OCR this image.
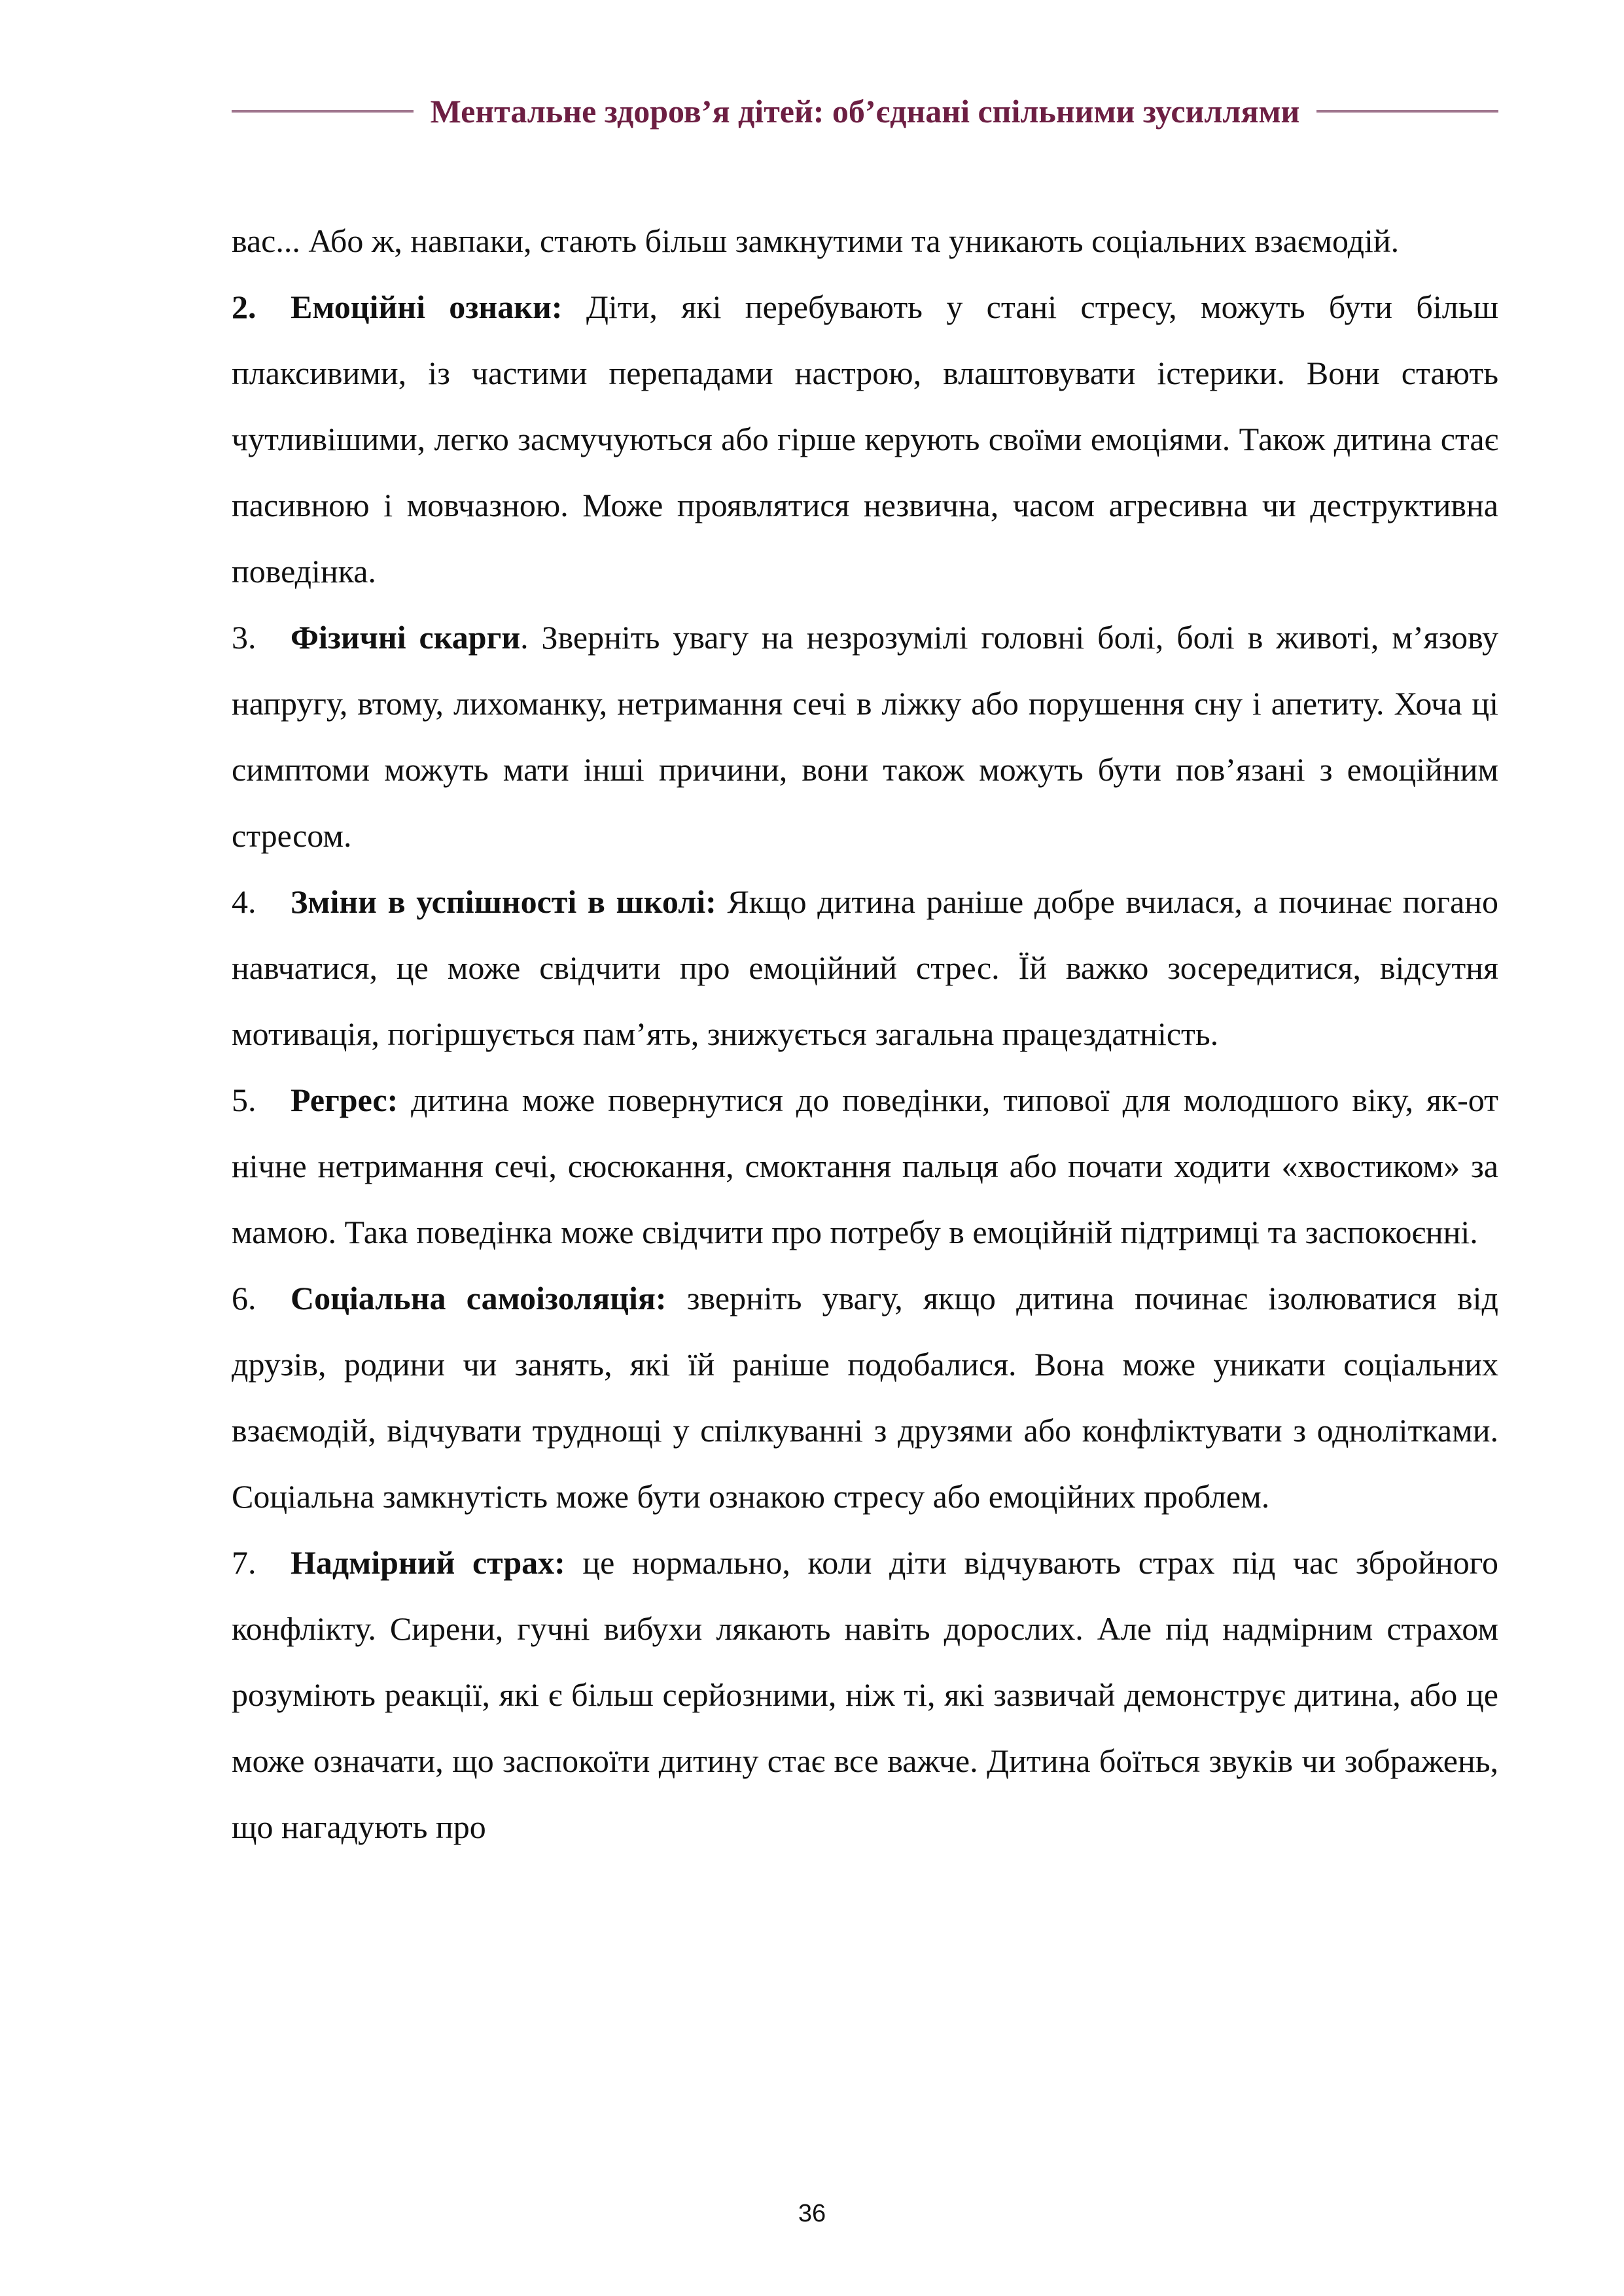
Ментальне здоров’я дітей: об’єднані спільними зусиллями

вас... Або ж, навпаки, стають більш замкнутими та уникають соціальних взаємодій.

2. Емоційні ознаки: Діти, які перебувають у стані стресу, можуть бути більш плаксивими, із частими перепадами настрою, влаштовувати істерики. Вони стають чутливішими, легко засмучуються або гірше керують своїми емоціями. Також дитина стає пасивною і мовчазною. Може проявлятися незвична, часом агресивна чи деструктивна поведінка.

3. Фізичні скарги. Зверніть увагу на незрозумілі головні болі, болі в животі, м’язову напругу, втому, лихоманку, нетримання сечі в ліжку або порушення сну і апетиту. Хоча ці симптоми можуть мати інші причини, вони також можуть бути пов’язані з емоційним стресом.

4. Зміни в успішності в школі: Якщо дитина раніше добре вчилася, а починає погано навчатися, це може свідчити про емоційний стрес. Їй важко зосередитися, відсутня мотивація, погіршується пам’ять, знижується загальна працездатність.

5. Регрес: дитина може повернутися до поведінки, типової для молодшого віку, як-от нічне нетримання сечі, сюсюкання, смоктання пальця або почати ходити «хвостиком» за мамою. Така поведінка може свідчити про потребу в емоційній підтримці та заспокоєнні.

6. Соціальна самоізоляція: зверніть увагу, якщо дитина починає ізолюватися від друзів, родини чи занять, які їй раніше подобалися. Вона може уникати соціальних взаємодій, відчувати труднощі у спілкуванні з друзями або конфліктувати з однолітками. Соціальна замкнутість може бути ознакою стресу або емоційних проблем.

7. Надмірний страх: це нормально, коли діти відчувають страх під час збройного конфлікту. Сирени, гучні вибухи лякають навіть дорослих. Але під надмірним страхом розуміють реакції, які є більш серйозними, ніж ті, які зазвичай демонструє дитина, або це може означати, що заспокоїти дитину стає все важче. Дитина боїться звуків чи зображень, що нагадують про

36
